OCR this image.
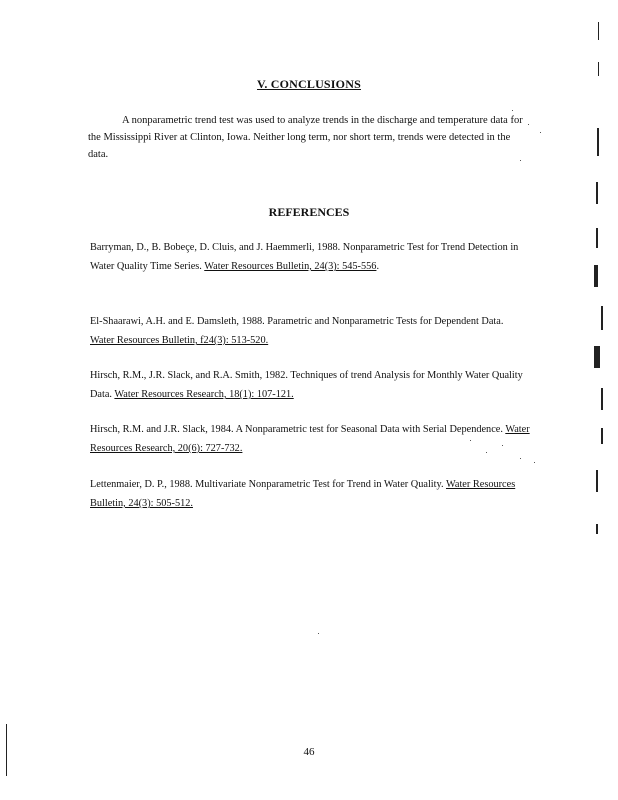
V. CONCLUSIONS
A nonparametric trend test was used to analyze trends in the discharge and temperature data for the Mississippi River at Clinton, Iowa. Neither long term, nor short term, trends were detected in the data.
REFERENCES
Barryman, D., B. Bobeçe, D. Cluis, and J. Haemmerli, 1988. Nonparametric Test for Trend Detection in Water Quality Time Series. Water Resources Bulletin, 24(3): 545-556.
El-Shaarawi, A.H. and E. Damsleth, 1988. Parametric and Nonparametric Tests for Dependent Data. Water Resources Bulletin, f24(3): 513-520.
Hirsch, R.M., J.R. Slack, and R.A. Smith, 1982. Techniques of trend Analysis for Monthly Water Quality Data. Water Resources Research, 18(1): 107-121.
Hirsch, R.M. and J.R. Slack, 1984. A Nonparametric test for Seasonal Data with Serial Dependence. Water Resources Research, 20(6): 727-732.
Lettenmaier, D. P., 1988. Multivariate Nonparametric Test for Trend in Water Quality. Water Resources Bulletin, 24(3): 505-512.
46
